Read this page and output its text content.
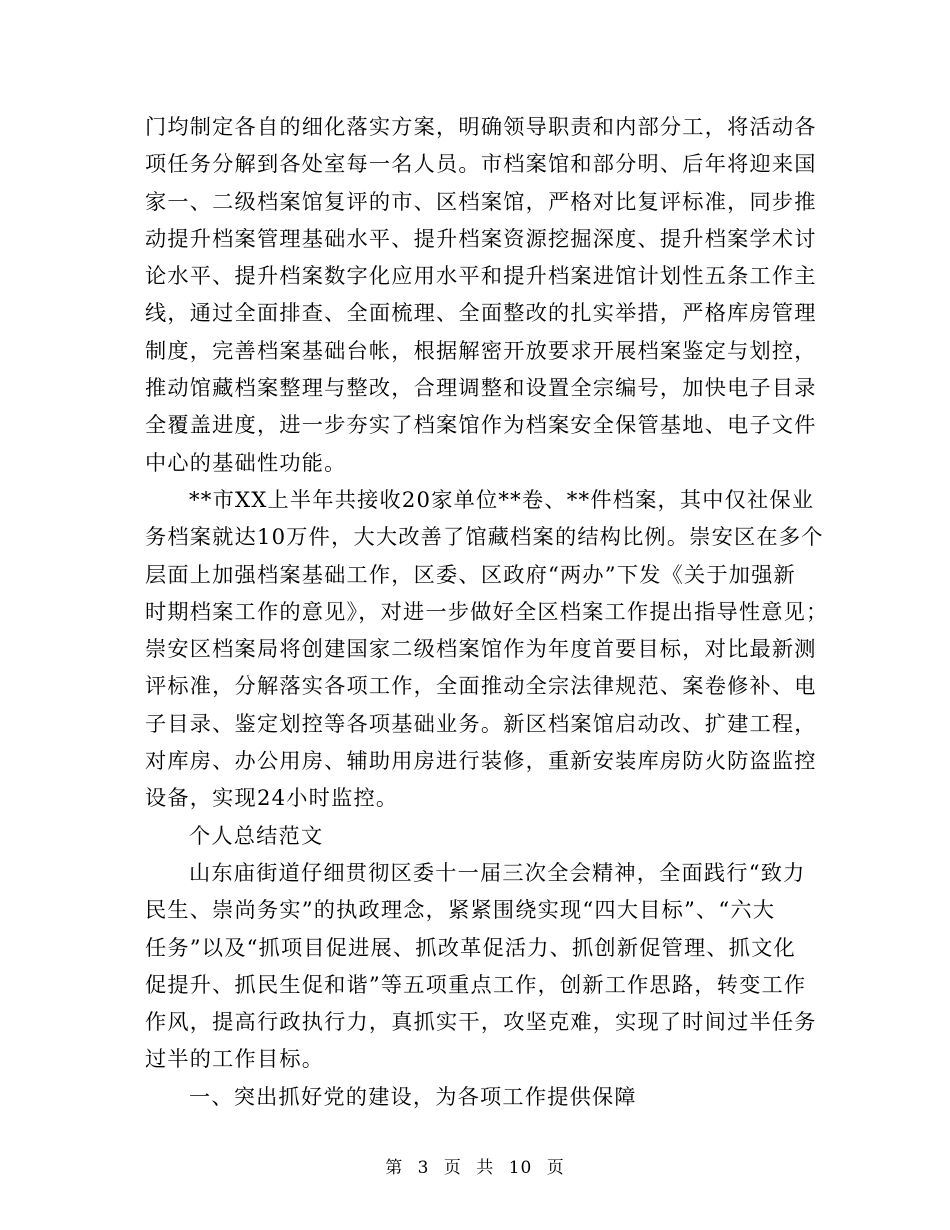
门均制定各自的细化落实方案，明确领导职责和内部分工，将活动各
项任务分解到各处室每一名人员。市档案馆和部分明、后年将迎来国
家一、二级档案馆复评的市、区档案馆，严格对比复评标准，同步推
动提升档案管理基础水平、提升档案资源挖掘深度、提升档案学术讨
论水平、提升档案数字化应用水平和提升档案进馆计划性五条工作主
线，通过全面排查、全面梳理、全面整改的扎实举措，严格库房管理
制度，完善档案基础台帐，根据解密开放要求开展档案鉴定与划控，
推动馆藏档案整理与整改，合理调整和设置全宗编号，加快电子目录
全覆盖进度，进一步夯实了档案馆作为档案安全保管基地、电子文件
中心的基础性功能。
**市XX上半年共接收20家单位**卷、**件档案，其中仅社保业
务档案就达10万件，大大改善了馆藏档案的结构比例。崇安区在多个
层面上加强档案基础工作，区委、区政府“两办”下发《关于加强新
时期档案工作的意见》，对进一步做好全区档案工作提出指导性意见；
崇安区档案局将创建国家二级档案馆作为年度首要目标，对比最新测
评标准，分解落实各项工作，全面推动全宗法律规范、案卷修补、电
子目录、鉴定划控等各项基础业务。新区档案馆启动改、扩建工程，
对库房、办公用房、辅助用房进行装修，重新安装库房防火防盗监控
设备，实现24小时监控。
个人总结范文
山东庙街道仔细贯彻区委十一届三次全会精神，全面践行“致力
民生、崇尚务实”的执政理念，紧紧围绕实现“四大目标”、“六大
任务”以及“抓项目促进展、抓改革促活力、抓创新促管理、抓文化
促提升、抓民生促和谐”等五项重点工作，创新工作思路，转变工作
作风，提高行政执行力，真抓实干，攻坚克难，实现了时间过半任务
过半的工作目标。
一、突出抓好党的建设，为各项工作提供保障
第 3 页 共 10 页
